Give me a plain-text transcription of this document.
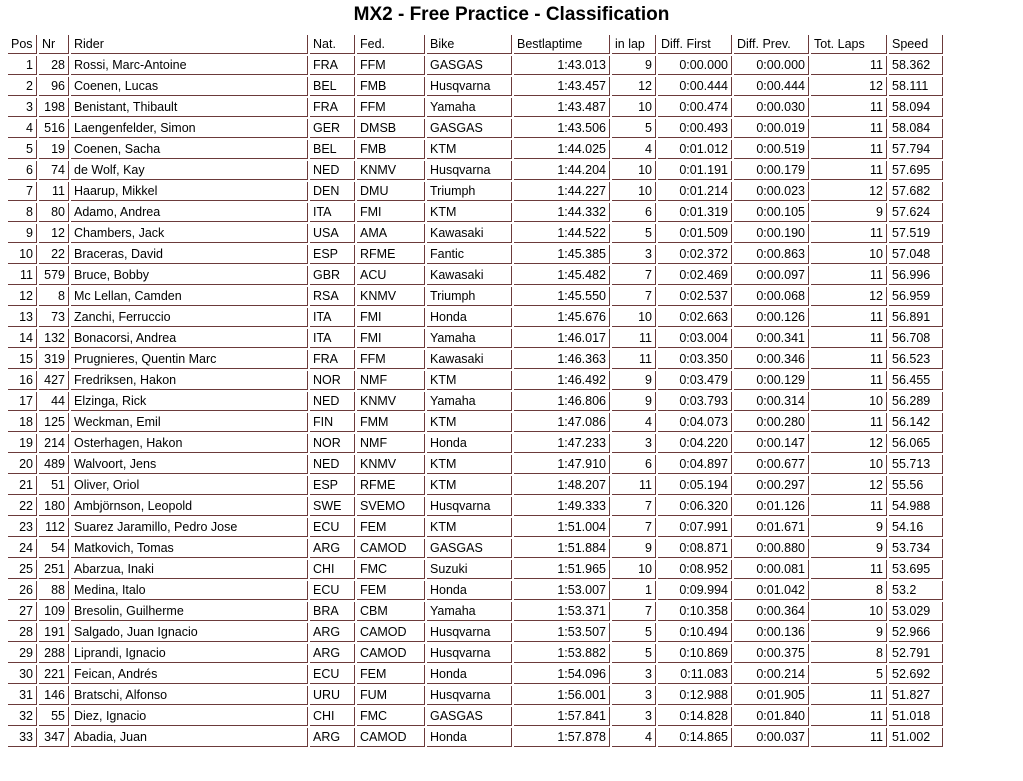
MX2 - Free Practice - Classification
Pos	Nr	Rider	Nat.	Fed.	Bike	Bestlaptime	in lap	Diff. First	Diff. Prev.	Tot. Laps	Speed
1	28	Rossi, Marc-Antoine	FRA	FFM	GASGAS	1:43.013	9	0:00.000	0:00.000	11	58.362
2	96	Coenen, Lucas	BEL	FMB	Husqvarna	1:43.457	12	0:00.444	0:00.444	12	58.111
3	198	Benistant, Thibault	FRA	FFM	Yamaha	1:43.487	10	0:00.474	0:00.030	11	58.094
4	516	Laengenfelder, Simon	GER	DMSB	GASGAS	1:43.506	5	0:00.493	0:00.019	11	58.084
5	19	Coenen, Sacha	BEL	FMB	KTM	1:44.025	4	0:01.012	0:00.519	11	57.794
6	74	de Wolf, Kay	NED	KNMV	Husqvarna	1:44.204	10	0:01.191	0:00.179	11	57.695
7	11	Haarup, Mikkel	DEN	DMU	Triumph	1:44.227	10	0:01.214	0:00.023	12	57.682
8	80	Adamo, Andrea	ITA	FMI	KTM	1:44.332	6	0:01.319	0:00.105	9	57.624
9	12	Chambers, Jack	USA	AMA	Kawasaki	1:44.522	5	0:01.509	0:00.190	11	57.519
10	22	Braceras, David	ESP	RFME	Fantic	1:45.385	3	0:02.372	0:00.863	10	57.048
11	579	Bruce, Bobby	GBR	ACU	Kawasaki	1:45.482	7	0:02.469	0:00.097	11	56.996
12	8	Mc Lellan, Camden	RSA	KNMV	Triumph	1:45.550	7	0:02.537	0:00.068	12	56.959
13	73	Zanchi, Ferruccio	ITA	FMI	Honda	1:45.676	10	0:02.663	0:00.126	11	56.891
14	132	Bonacorsi, Andrea	ITA	FMI	Yamaha	1:46.017	11	0:03.004	0:00.341	11	56.708
15	319	Prugnieres, Quentin Marc	FRA	FFM	Kawasaki	1:46.363	11	0:03.350	0:00.346	11	56.523
16	427	Fredriksen, Hakon	NOR	NMF	KTM	1:46.492	9	0:03.479	0:00.129	11	56.455
17	44	Elzinga, Rick	NED	KNMV	Yamaha	1:46.806	9	0:03.793	0:00.314	10	56.289
18	125	Weckman, Emil	FIN	FMM	KTM	1:47.086	4	0:04.073	0:00.280	11	56.142
19	214	Osterhagen, Hakon	NOR	NMF	Honda	1:47.233	3	0:04.220	0:00.147	12	56.065
20	489	Walvoort, Jens	NED	KNMV	KTM	1:47.910	6	0:04.897	0:00.677	10	55.713
21	51	Oliver, Oriol	ESP	RFME	KTM	1:48.207	11	0:05.194	0:00.297	12	55.56
22	180	Ambjörnson, Leopold	SWE	SVEMO	Husqvarna	1:49.333	7	0:06.320	0:01.126	11	54.988
23	112	Suarez Jaramillo, Pedro Jose	ECU	FEM	KTM	1:51.004	7	0:07.991	0:01.671	9	54.16
24	54	Matkovich, Tomas	ARG	CAMOD	GASGAS	1:51.884	9	0:08.871	0:00.880	9	53.734
25	251	Abarzua, Inaki	CHI	FMC	Suzuki	1:51.965	10	0:08.952	0:00.081	11	53.695
26	88	Medina, Italo	ECU	FEM	Honda	1:53.007	1	0:09.994	0:01.042	8	53.2
27	109	Bresolin, Guilherme	BRA	CBM	Yamaha	1:53.371	7	0:10.358	0:00.364	10	53.029
28	191	Salgado, Juan Ignacio	ARG	CAMOD	Husqvarna	1:53.507	5	0:10.494	0:00.136	9	52.966
29	288	Liprandi, Ignacio	ARG	CAMOD	Husqvarna	1:53.882	5	0:10.869	0:00.375	8	52.791
30	221	Feican, Andrés	ECU	FEM	Honda	1:54.096	3	0:11.083	0:00.214	5	52.692
31	146	Bratschi, Alfonso	URU	FUM	Husqvarna	1:56.001	3	0:12.988	0:01.905	11	51.827
32	55	Diez, Ignacio	CHI	FMC	GASGAS	1:57.841	3	0:14.828	0:01.840	11	51.018
33	347	Abadia, Juan	ARG	CAMOD	Honda	1:57.878	4	0:14.865	0:00.037	11	51.002
